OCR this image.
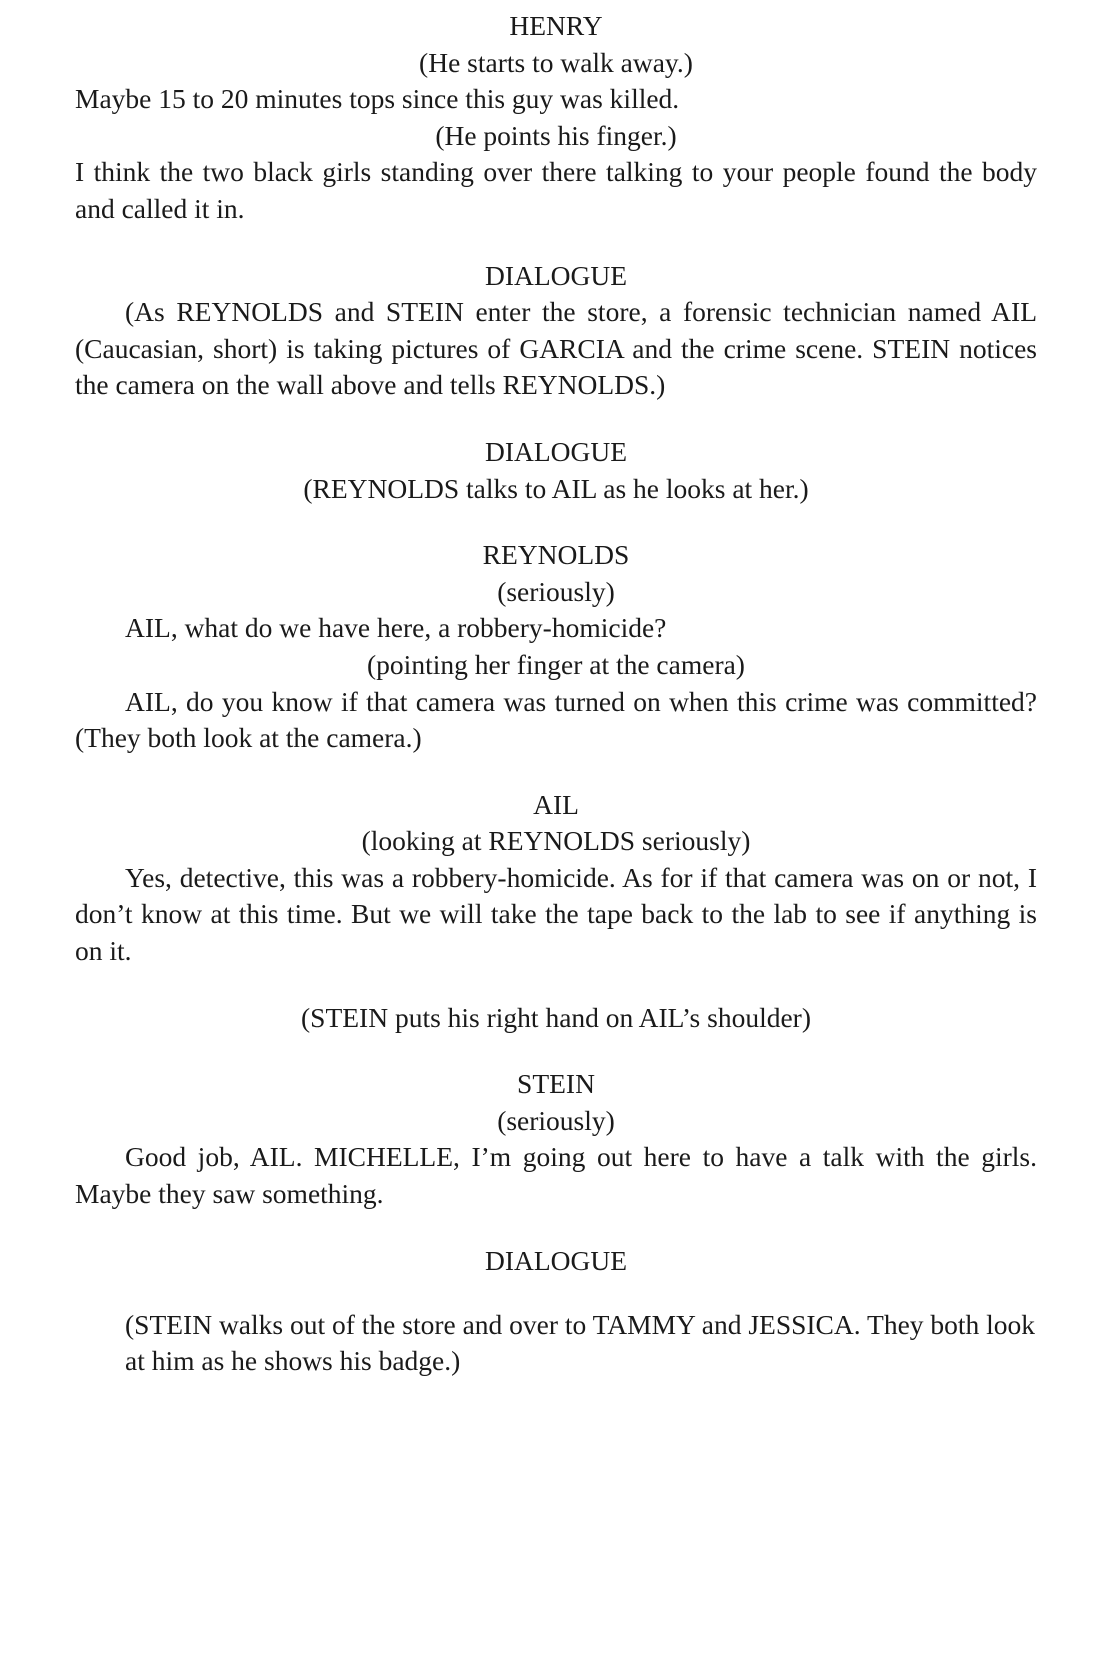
HENRY

(He starts to walk away.)

Maybe 15 to 20 minutes tops since this guy was killed.

(He points his finger.)

I think the two black girls standing over there talking to your people found the body and called it in.

DIALOGUE

(As REYNOLDS and STEIN enter the store, a forensic technician named AIL (Caucasian, short) is taking pictures of GARCIA and the crime scene. STEIN notices the camera on the wall above and tells REYNOLDS.)

DIALOGUE

(REYNOLDS talks to AIL as he looks at her.)

REYNOLDS

(seriously)

AIL, what do we have here, a robbery-homicide?

(pointing her finger at the camera)

AIL, do you know if that camera was turned on when this crime was committed? (They both look at the camera.)

AIL

(looking at REYNOLDS seriously)

Yes, detective, this was a robbery-homicide. As for if that camera was on or not, I don’t know at this time. But we will take the tape back to the lab to see if anything is on it.

(STEIN puts his right hand on AIL’s shoulder)

STEIN

(seriously)

Good job, AIL. MICHELLE, I’m going out here to have a talk with the girls. Maybe they saw something.

DIALOGUE

(STEIN walks out of the store and over to TAMMY and JESSICA. They both look at him as he shows his badge.)
